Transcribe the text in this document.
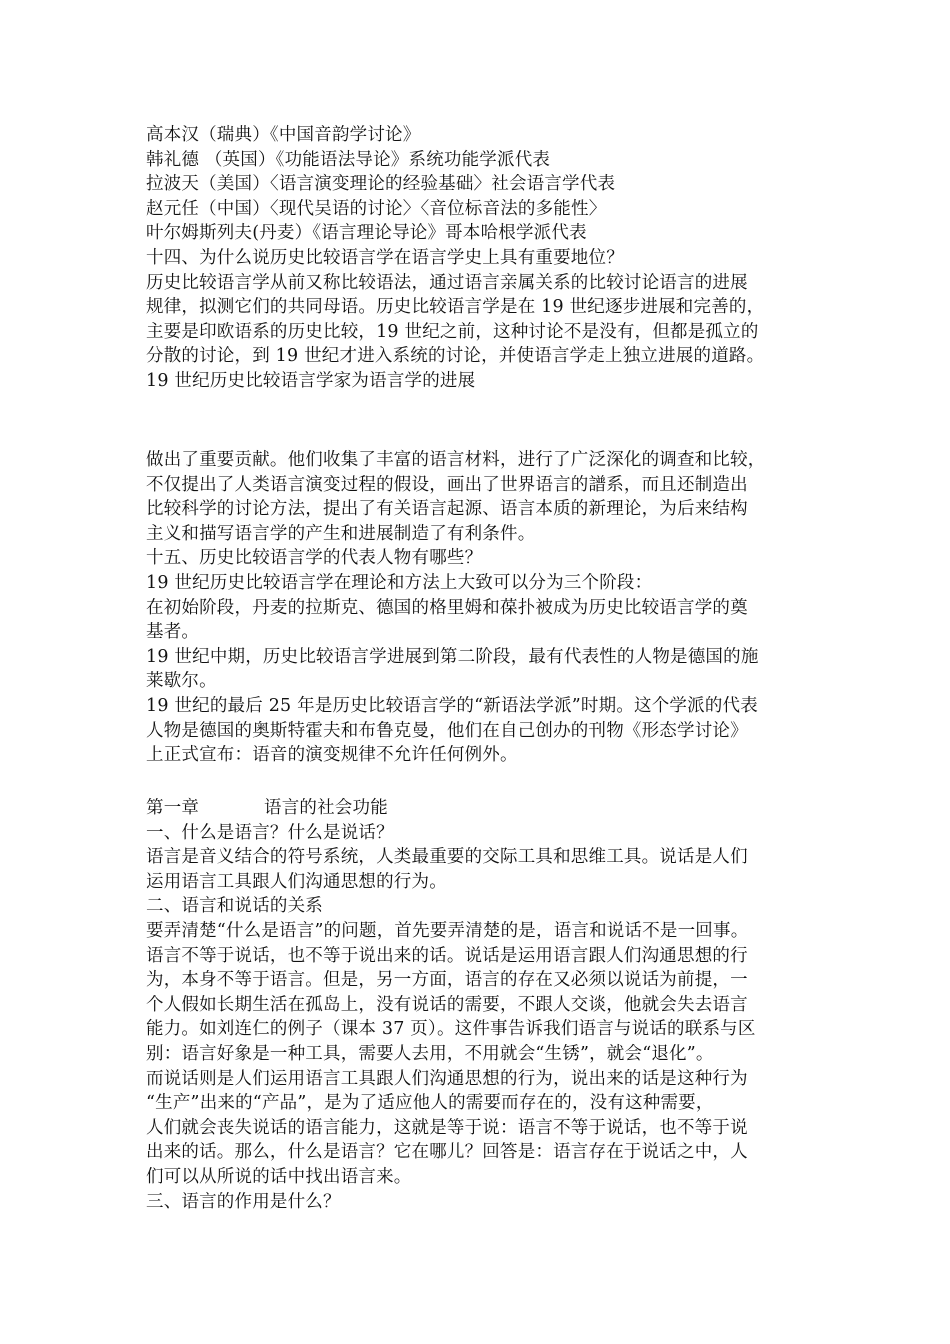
高本汉（瑞典）《中国音韵学讨论》
韩礼德 （英国）《功能语法导论》系统功能学派代表
拉波天（美国）〈语言演变理论的经验基础〉社会语言学代表
赵元任（中国）〈现代吴语的讨论〉〈音位标音法的多能性〉
叶尔姆斯列夫(丹麦）《语言理论导论》哥本哈根学派代表
十四、为什么说历史比较语言学在语言学史上具有重要地位？
历史比较语言学从前又称比较语法，通过语言亲属关系的比较讨论语言的进展
规律，拟测它们的共同母语。历史比较语言学是在 19 世纪逐步进展和完善的，
主要是印欧语系的历史比较，19 世纪之前，这种讨论不是没有，但都是孤立的
分散的讨论，到 19 世纪才进入系统的讨论，并使语言学走上独立进展的道路。
19 世纪历史比较语言学家为语言学的进展
做出了重要贡献。他们收集了丰富的语言材料，进行了广泛深化的调查和比较，
不仅提出了人类语言演变过程的假设，画出了世界语言的譜系，而且还制造出
比较科学的讨论方法，提出了有关语言起源、语言本质的新理论，为后来结构
主义和描写语言学的产生和进展制造了有利条件。
十五、历史比较语言学的代表人物有哪些？
19 世纪历史比较语言学在理论和方法上大致可以分为三个阶段：
在初始阶段，丹麦的拉斯克、德国的格里姆和葆扑被成为历史比较语言学的奠
基者。
19 世纪中期，历史比较语言学进展到第二阶段，最有代表性的人物是德国的施
莱歇尔。
19 世纪的最后 25 年是历史比较语言学的“新语法学派”时期。这个学派的代表
人物是德国的奥斯特霍夫和布鲁克曼，他们在自己创办的刊物《形态学讨论》
上正式宣布：语音的演变规律不允许任何例外。
第一章	语言的社会功能
一、什么是语言？什么是说话？
语言是音义结合的符号系统，人类最重要的交际工具和思维工具。说话是人们
运用语言工具跟人们沟通思想的行为。
二、语言和说话的关系
要弄清楚“什么是语言”的问题，首先要弄清楚的是，语言和说话不是一回事。
语言不等于说话，也不等于说出来的话。说话是运用语言跟人们沟通思想的行
为，本身不等于语言。但是，另一方面，语言的存在又必须以说话为前提，一
个人假如长期生活在孤岛上，没有说话的需要，不跟人交谈，他就会失去语言
能力。如刘连仁的例子（课本 37 页）。这件事告诉我们语言与说话的联系与区
别：语言好象是一种工具，需要人去用，不用就会“生锈”，就会“退化”。
而说话则是人们运用语言工具跟人们沟通思想的行为，说出来的话是这种行为
“生产”出来的“产品”，是为了适应他人的需要而存在的，没有这种需要，
人们就会丧失说话的语言能力，这就是等于说：语言不等于说话，也不等于说
出来的话。那么，什么是语言？它在哪儿？回答是：语言存在于说话之中，人
们可以从所说的话中找出语言来。
三、语言的作用是什么？
